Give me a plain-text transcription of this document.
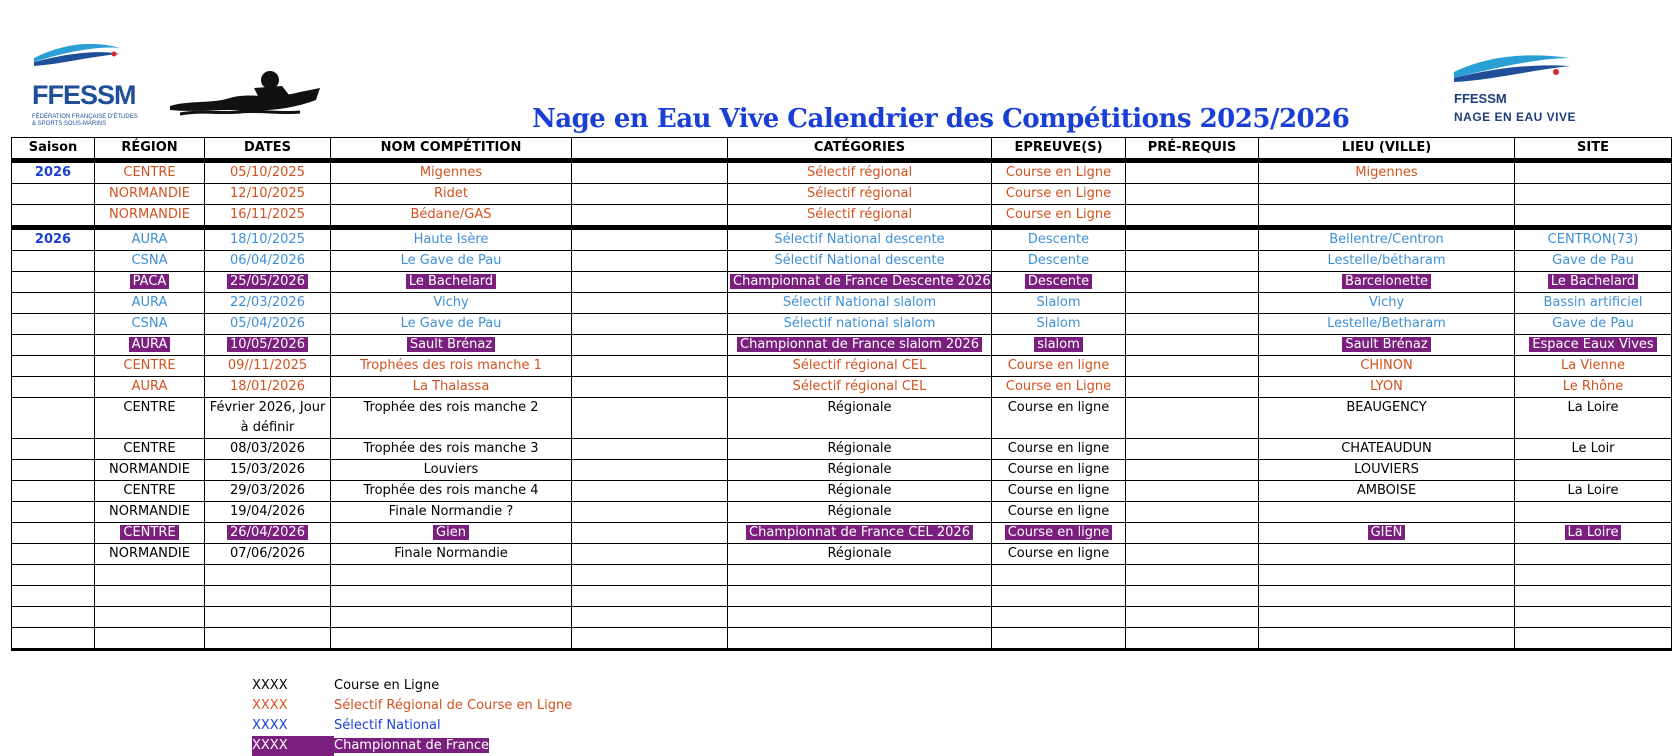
FFESSM
FÉDÉRATION FRANÇAISE D'ÉTUDES & SPORTS SOUS-MARINS
FFESSM
NAGE EN EAU VIVE
Nage en Eau Vive Calendrier des Compétitions 2025/2026
Saison	RÉGION	DATES	NOM COMPÉTITION		CATÉGORIES	EPREUVE(S)	PRÉ-REQUIS	LIEU (VILLE)	SITE
2026	CENTRE	05/10/2025	Migennes		Sélectif régional	Course en Ligne		Migennes	
	NORMANDIE	12/10/2025	Ridet		Sélectif régional	Course en Ligne			
	NORMANDIE	16/11/2025	Bédane/GAS		Sélectif régional	Course en Ligne			
2026	AURA	18/10/2025	Haute Isère		Sélectif National descente	Descente		Bellentre/Centron	CENTRON(73)
	CSNA	06/04/2026	Le Gave de Pau		Sélectif National descente	Descente		Lestelle/bétharam	Gave de Pau
	PACA	25/05/2026	Le Bachelard		Championnat de France Descente 2026	Descente		Barcelonette	Le Bachelard
	AURA	22/03/2026	Vichy		Sélectif National slalom	Slalom		Vichy	Bassin artificiel
	CSNA	05/04/2026	Le Gave de Pau		Sélectif national slalom	Slalom		Lestelle/Betharam	Gave de Pau
	AURA	10/05/2026	Sault Brénaz		Championnat de France slalom 2026	slalom		Sault Brénaz	Espace Eaux Vives
	CENTRE	09//11/2025	Trophées des rois manche 1		Sélectif régional CEL	Course en ligne		CHINON	La Vienne
	AURA	18/01/2026	La Thalassa		Sélectif régional CEL	Course en Ligne		LYON	Le Rhône
	CENTRE	Février 2026, Jour à définir	Trophée des rois manche 2		Régionale	Course en ligne		BEAUGENCY	La Loire
	CENTRE	08/03/2026	Trophée des rois manche 3		Régionale	Course en ligne		CHATEAUDUN	Le Loir
	NORMANDIE	15/03/2026	Louviers		Régionale	Course en ligne		LOUVIERS	
	CENTRE	29/03/2026	Trophée des rois manche 4		Régionale	Course en ligne		AMBOISE	La Loire
	NORMANDIE	19/04/2026	Finale Normandie ?		Régionale	Course en ligne			
	CENTRE	26/04/2026	Gien		Championnat de France CEL 2026	Course en ligne		GIEN	La Loire
	NORMANDIE	07/06/2026	Finale Normandie		Régionale	Course en ligne			

XXXX	Course en Ligne
XXXX	Sélectif Régional de Course en Ligne
XXXX	Sélectif National
XXXX	Championnat de France
